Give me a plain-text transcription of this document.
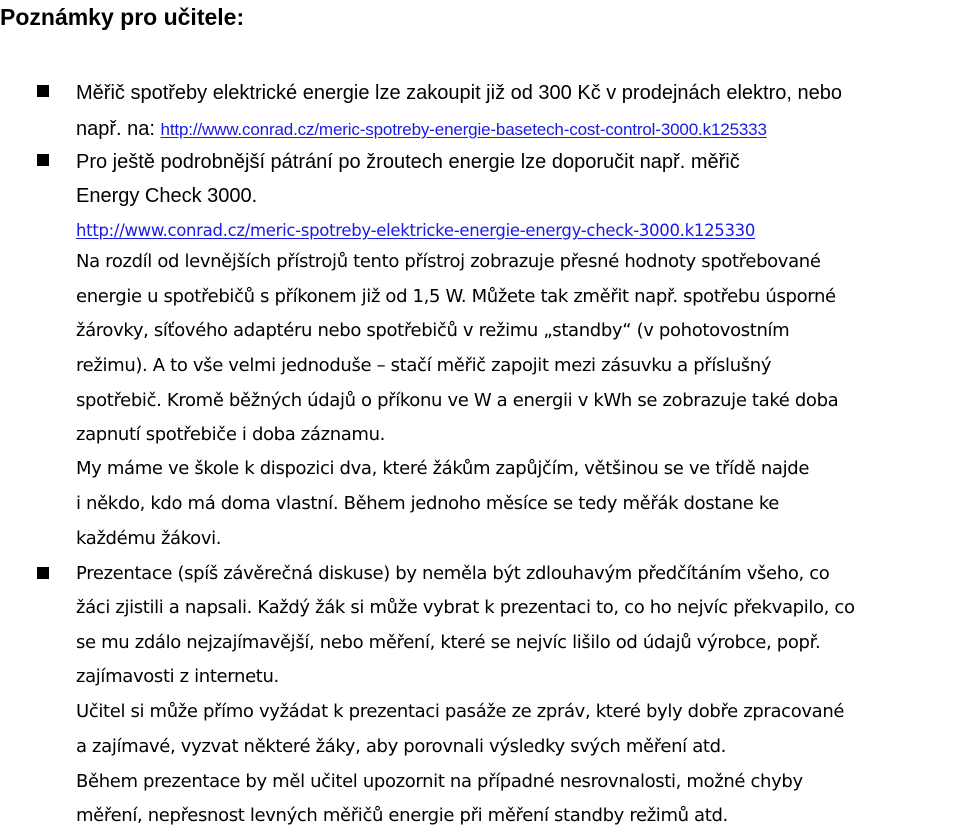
Poznámky pro učitele:
Měřič spotřeby elektrické energie lze zakoupit již od 300 Kč v prodejnách elektro, nebo
např. na: http://www.conrad.cz/meric-spotreby-energie-basetech-cost-control-3000.k125333
Pro ještě podrobnější pátrání po žroutech energie lze doporučit např. měřič
Energy Check 3000.
http://www.conrad.cz/meric-spotreby-elektricke-energie-energy-check-3000.k125330
Na rozdíl od levnějších přístrojů tento přístroj zobrazuje přesné hodnoty spotřebované
energie u spotřebičů s příkonem již od 1,5 W. Můžete tak změřit např. spotřebu úsporné
žárovky, síťového adaptéru nebo spotřebičů v režimu „standby“ (v pohotovostním
režimu). A to vše velmi jednoduše – stačí měřič zapojit mezi zásuvku a příslušný
spotřebič. Kromě běžných údajů o příkonu ve W a energii v kWh se zobrazuje také doba
zapnutí spotřebiče i doba záznamu.
My máme ve škole k dispozici dva, které žákům zapůjčím, většinou se ve třídě najde
i někdo, kdo má doma vlastní. Během jednoho měsíce se tedy měřák dostane ke
každému žákovi.
Prezentace (spíš závěrečná diskuse) by neměla být zdlouhavým předčítáním všeho, co
žáci zjistili a napsali. Každý žák si může vybrat k prezentaci to, co ho nejvíc překvapilo, co
se mu zdálo nejzajímavější, nebo měření, které se nejvíc lišilo od údajů výrobce, popř.
zajímavosti z internetu.
Učitel si může přímo vyžádat k prezentaci pasáže ze zpráv, které byly dobře zpracované
a zajímavé, vyzvat některé žáky, aby porovnali výsledky svých měření atd.
Během prezentace by měl učitel upozornit na případné nesrovnalosti, možné chyby
měření, nepřesnost levných měřičů energie při měření standby režimů atd.
